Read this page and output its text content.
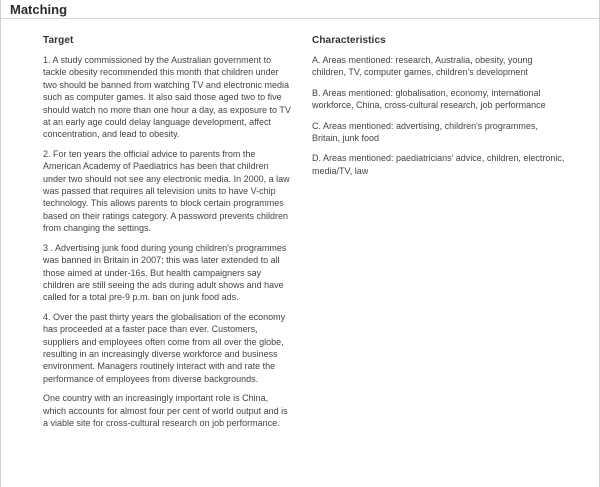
Matching
Target

1. A study commissioned by the Australian government to tackle obesity recommended this month that children under two should be banned from watching TV and electronic media such as computer games. It also said those aged two to five should watch no more than one hour a day, as exposure to TV at an early age could delay language development, affect concentration, and lead to obesity.

2. For ten years the official advice to parents from the American Academy of Paediatrics has been that children under two should not see any electronic media. In 2000, a law was passed that requires all television units to have V-chip technology. This allows parents to block certain programmes based on their ratings category. A password prevents children from changing the settings.

3 . Advertising junk food during young children's programmes was banned in Britain in 2007; this was later extended to all those aimed at under-16s. But health campaigners say children are still seeing the ads during adult shows and have called for a total pre-9 p.m. ban on junk food ads.

4. Over the past thirty years the globalisation of the economy has proceeded at a faster pace than ever. Customers, suppliers and employees often come from all over the globe, resulting in an increasingly diverse workforce and business environment. Managers routinely interact with and rate the performance of employees from diverse backgrounds.

One country with an increasingly important role is China, which accounts for almost four per cent of world output and is a viable site for cross-cultural research on job performance.

Characteristics

A. Areas mentioned: research, Australia, obesity, young children, TV, computer games, children's development

B. Areas mentioned: globalisation, economy, international workforce, China, cross-cultural research, job performance

C. Areas mentioned: advertising, children's programmes, Britain, junk food

D. Areas mentioned: paediatricians' advice, children, electronic, media/TV, law
